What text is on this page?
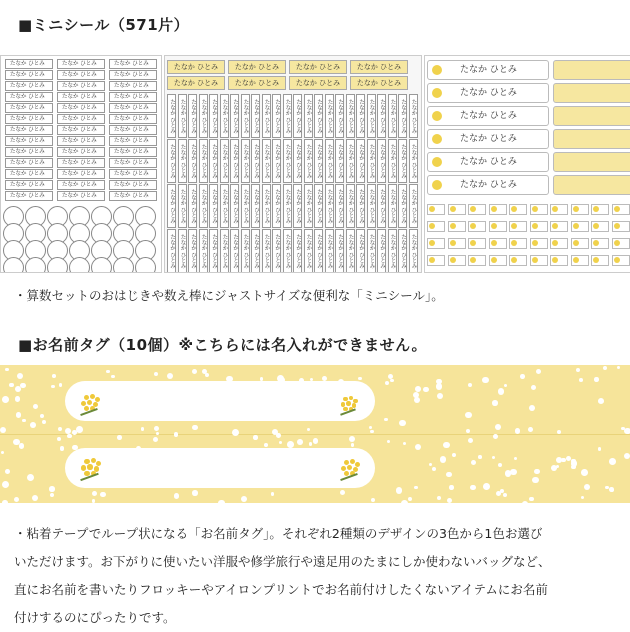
■ミニシール（571片）
たなか ひとみ	たなか ひとみ	たなか ひとみ
たなか ひとみ	たなか ひとみ	たなか ひとみ
たなか ひとみ	たなか ひとみ	たなか ひとみ
たなか ひとみ	たなか ひとみ	たなか ひとみ
たなか ひとみ	たなか ひとみ	たなか ひとみ
たなか ひとみ	たなか ひとみ	たなか ひとみ
たなか ひとみ	たなか ひとみ	たなか ひとみ
たなか ひとみ	たなか ひとみ	たなか ひとみ
たなか ひとみ	たなか ひとみ	たなか ひとみ
たなか ひとみ	たなか ひとみ	たなか ひとみ
たなか ひとみ	たなか ひとみ	たなか ひとみ
たなか ひとみ	たなか ひとみ	たなか ひとみ
たなか ひとみ	たなか ひとみ	たなか ひとみ
たなか ひとみ	たなか ひとみ	たなか ひとみ	たなか ひとみ
たなか ひとみ	たなか ひとみ	たなか ひとみ	たなか ひとみ
たなか ひとみ たなか ひとみ たなか ひとみ たなか ひとみ たなか ひとみ たなか ひとみ たなか ひとみ たなか ひとみ たなか ひとみ たなか ひとみ たなか ひとみ たなか ひとみ たなか ひとみ たなか ひとみ たなか ひとみ たなか ひとみ たなか ひとみ たなか ひとみ たなか ひとみ たなか ひとみ たなか ひとみ たなか ひとみ たなか ひとみ たなか ひとみ
たなか ひとみ たなか ひとみ たなか ひとみ たなか ひとみ たなか ひとみ たなか ひとみ たなか ひとみ たなか ひとみ たなか ひとみ たなか ひとみ たなか ひとみ たなか ひとみ たなか ひとみ たなか ひとみ たなか ひとみ たなか ひとみ たなか ひとみ たなか ひとみ たなか ひとみ たなか ひとみ たなか ひとみ たなか ひとみ たなか ひとみ たなか ひとみ
たなか ひとみ たなか ひとみ たなか ひとみ たなか ひとみ たなか ひとみ たなか ひとみ たなか ひとみ たなか ひとみ たなか ひとみ たなか ひとみ たなか ひとみ たなか ひとみ たなか ひとみ たなか ひとみ たなか ひとみ たなか ひとみ たなか ひとみ たなか ひとみ たなか ひとみ たなか ひとみ たなか ひとみ たなか ひとみ たなか ひとみ たなか ひとみ
たなか ひとみ たなか ひとみ たなか ひとみ たなか ひとみ たなか ひとみ たなか ひとみ たなか ひとみ たなか ひとみ たなか ひとみ たなか ひとみ たなか ひとみ たなか ひとみ たなか ひとみ たなか ひとみ たなか ひとみ たなか ひとみ たなか ひとみ たなか ひとみ たなか ひとみ たなか ひとみ たなか ひとみ たなか ひとみ たなか ひとみ たなか ひとみ
たなか ひとみ
たなか ひとみ
たなか ひとみ
たなか ひとみ
たなか ひとみ
たなか ひとみ
・算数セットのおはじきや数え棒にジャストサイズな便利な「ミニシール」。
■お名前タグ（10個）※こちらには名入れができません。
・粘着テープでループ状になる「お名前タグ」。それぞれ2種類のデザインの3色から1色お選び
いただけます。お下がりに使いたい洋服や修学旅行や遠足用のたまにしか使わないバッグなど、
直にお名前を書いたりフロッキーやアイロンプリントでお名前付けしたくないアイテムにお名前
付けするのにぴったりです。
